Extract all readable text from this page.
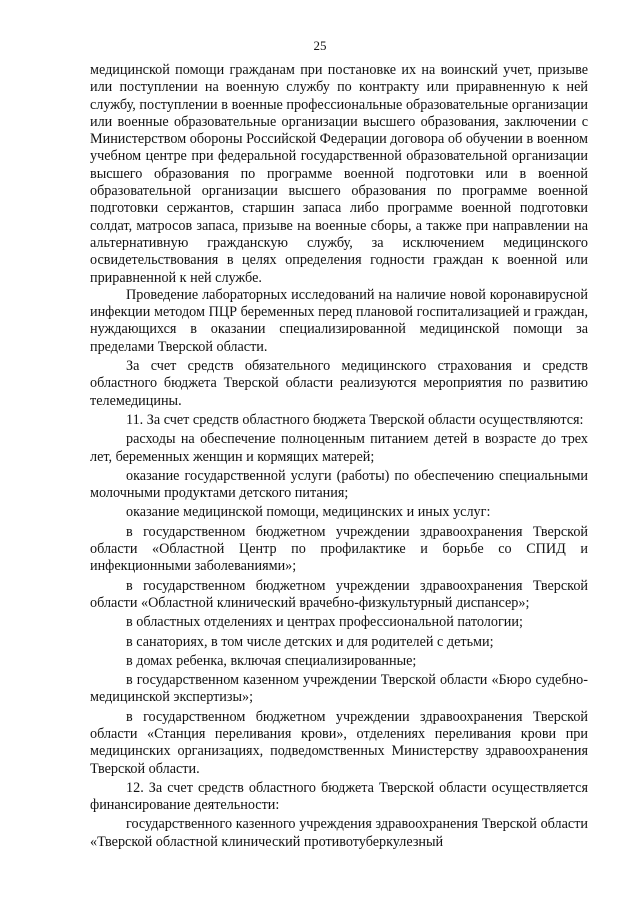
25

медицинской помощи гражданам при постановке их на воинский учет, призыве или поступлении на военную службу по контракту или приравненную к ней службу, поступлении в военные профессиональные образовательные организации или военные образовательные организации высшего образования, заключении с Министерством обороны Российской Федерации договора об обучении в военном учебном центре при федеральной государственной образовательной организации высшего образования по программе военной подготовки или в военной образовательной организации высшего образования по программе военной подготовки сержантов, старшин запаса либо программе военной подготовки солдат, матросов запаса, призыве на военные сборы, а также при направлении на альтернативную гражданскую службу, за исключением медицинского освидетельствования в целях определения годности граждан к военной или приравненной к ней службе.

Проведение лабораторных исследований на наличие новой коронавирусной инфекции методом ПЦР беременных перед плановой госпитализацией и граждан, нуждающихся в оказании специализированной медицинской помощи за пределами Тверской области.

За счет средств обязательного медицинского страхования и средств областного бюджета Тверской области реализуются мероприятия по развитию телемедицины.

11. За счет средств областного бюджета Тверской области осуществляются:

расходы на обеспечение полноценным питанием детей в возрасте до трех лет, беременных женщин и кормящих матерей;

оказание государственной услуги (работы) по обеспечению специальными молочными продуктами детского питания;

оказание медицинской помощи, медицинских и иных услуг:

в государственном бюджетном учреждении здравоохранения Тверской области «Областной Центр по профилактике и борьбе со СПИД и инфекционными заболеваниями»;

в государственном бюджетном учреждении здравоохранения Тверской области «Областной клинический врачебно-физкультурный диспансер»;

в областных отделениях и центрах профессиональной патологии;

в санаториях, в том числе детских и для родителей с детьми;

в домах ребенка, включая специализированные;

в государственном казенном учреждении Тверской области «Бюро судебно-медицинской экспертизы»;

в государственном бюджетном учреждении здравоохранения Тверской области «Станция переливания крови», отделениях переливания крови при медицинских организациях, подведомственных Министерству здравоохранения Тверской области.

12. За счет средств областного бюджета Тверской области осуществляется финансирование деятельности:

государственного казенного учреждения здравоохранения Тверской области «Тверской областной клинический противотуберкулезный
